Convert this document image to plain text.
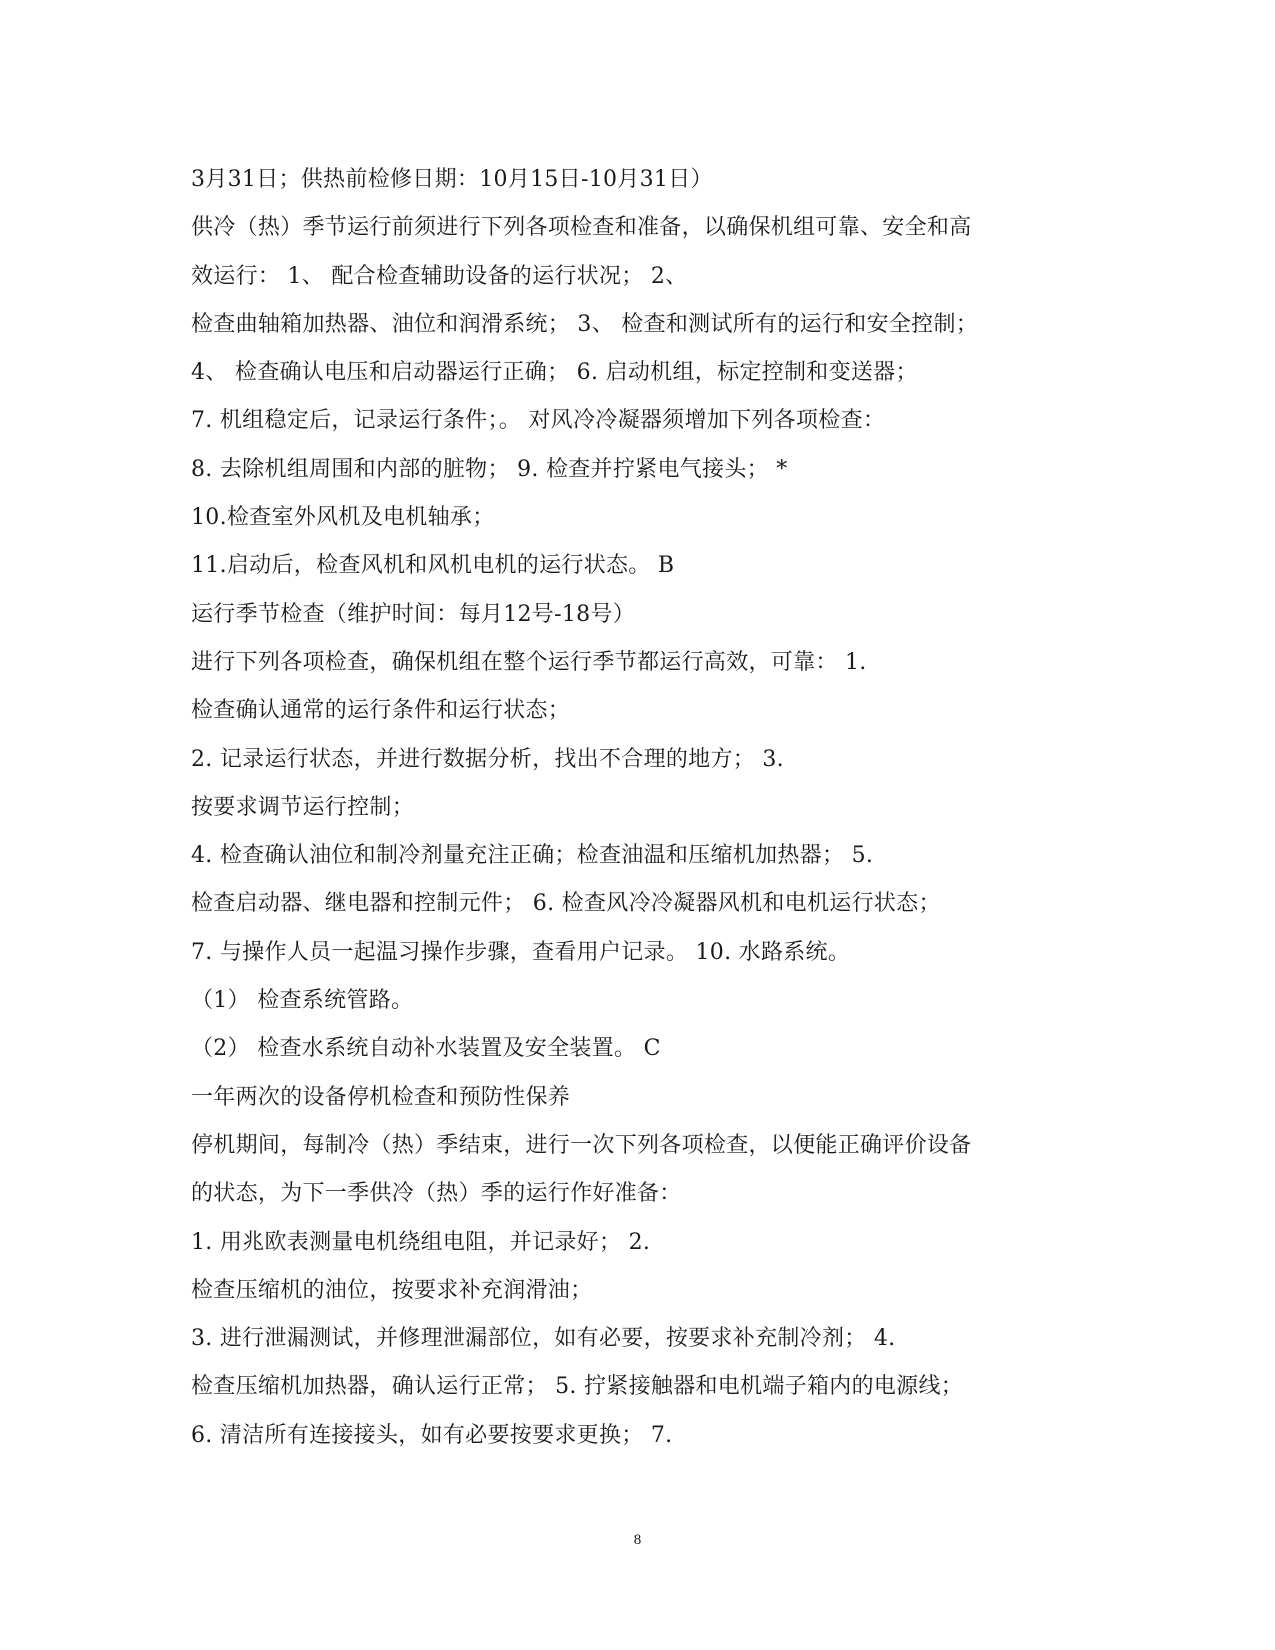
3月31日；供热前检修日期：10月15日-10月31日）
供冷（热）季节运行前须进行下列各项检查和准备，以确保机组可靠、安全和高
效运行： 1、 配合检查辅助设备的运行状况； 2、
检查曲轴箱加热器、油位和润滑系统； 3、 检查和测试所有的运行和安全控制；
4、 检查确认电压和启动器运行正确； 6. 启动机组，标定控制和变送器；
7. 机组稳定后，记录运行条件；。 对风冷冷凝器须增加下列各项检查：
8. 去除机组周围和内部的脏物； 9. 检查并拧紧电气接头； *
10.检查室外风机及电机轴承；
11.启动后，检查风机和风机电机的运行状态。 B
运行季节检查（维护时间：每月12号-18号）
进行下列各项检查，确保机组在整个运行季节都运行高效，可靠： 1.
检查确认通常的运行条件和运行状态；
2. 记录运行状态，并进行数据分析，找出不合理的地方； 3.
按要求调节运行控制；
4. 检查确认油位和制冷剂量充注正确；检查油温和压缩机加热器； 5.
检查启动器、继电器和控制元件； 6. 检查风冷冷凝器风机和电机运行状态；
7. 与操作人员一起温习操作步骤，查看用户记录。 10. 水路系统。
（1） 检查系统管路。
（2） 检查水系统自动补水装置及安全装置。 C
一年两次的设备停机检查和预防性保养
停机期间，每制冷（热）季结束，进行一次下列各项检查，以便能正确评价设备
的状态，为下一季供冷（热）季的运行作好准备：
1. 用兆欧表测量电机绕组电阻，并记录好； 2.
检查压缩机的油位，按要求补充润滑油；
3. 进行泄漏测试，并修理泄漏部位，如有必要，按要求补充制冷剂； 4.
检查压缩机加热器，确认运行正常； 5. 拧紧接触器和电机端子箱内的电源线；
6. 清洁所有连接接头，如有必要按要求更换； 7.
8
